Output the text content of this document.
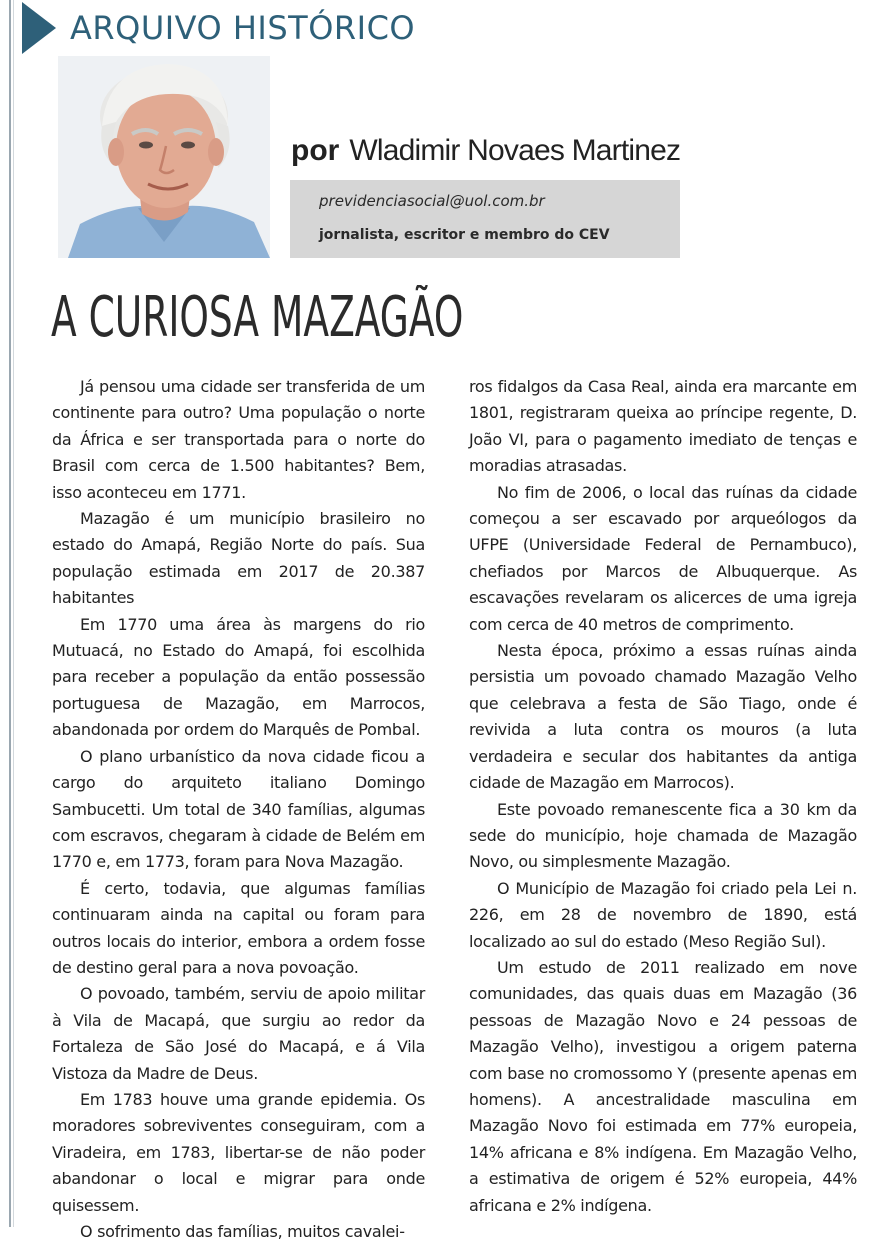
ARQUIVO HISTÓRICO
por Wladimir Novaes Martinez
previdenciasocial@uol.com.br
jornalista, escritor e membro do CEV
A CURIOSA MAZAGÃO

Já pensou uma cidade ser transferida de um continente para outro? Uma população o norte da África e ser transportada para o norte do Brasil com cerca de 1.500 habitantes? Bem, isso aconteceu em 1771.

Mazagão é um município brasileiro no estado do Amapá, Região Norte do país. Sua população estimada em 2017 de 20.387 habitantes

Em 1770 uma área às margens do rio Mutuacá, no Estado do Amapá, foi escolhida para receber a população da então possessão portuguesa de Mazagão, em Marrocos, abandonada por ordem do Marquês de Pombal.

O plano urbanístico da nova cidade ficou a cargo do arquiteto italiano Domingo Sambucetti. Um total de 340 famílias, algumas com escravos, chegaram à cidade de Belém em 1770 e, em 1773, foram para Nova Mazagão.

É certo, todavia, que algumas famílias continuaram ainda na capital ou foram para outros locais do interior, embora a ordem fosse de destino geral para a nova povoação.

O povoado, também, serviu de apoio militar à Vila de Macapá, que surgiu ao redor da Fortaleza de São José do Macapá, e á Vila Vistoza da Madre de Deus.

Em 1783 houve uma grande epidemia. Os moradores sobreviventes conseguiram, com a Viradeira, em 1783, libertar-se de não poder abandonar o local e migrar para onde quisessem.

O sofrimento das famílias, muitos cavalei-

ros fidalgos da Casa Real, ainda era marcante em 1801, registraram queixa ao príncipe regente, D. João VI, para o pagamento imediato de tenças e moradias atrasadas.

No fim de 2006, o local das ruínas da cidade começou a ser escavado por arqueólogos da UFPE (Universidade Federal de Pernambuco), chefiados por Marcos de Albuquerque. As escavações revelaram os alicerces de uma igreja com cerca de 40 metros de comprimento.

Nesta época, próximo a essas ruínas ainda persistia um povoado chamado Mazagão Velho que celebrava a festa de São Tiago, onde é revivida a luta contra os mouros (a luta verdadeira e secular dos habitantes da antiga cidade de Mazagão em Marrocos).

Este povoado remanescente fica a 30 km da sede do município, hoje chamada de Mazagão Novo, ou simplesmente Mazagão.

O Município de Mazagão foi criado pela Lei n. 226, em 28 de novembro de 1890, está localizado ao sul do estado (Meso Região Sul).

Um estudo de 2011 realizado em nove comunidades, das quais duas em Mazagão (36 pessoas de Mazagão Novo e 24 pessoas de Mazagão Velho), investigou a origem paterna com base no cromossomo Y (presente apenas em homens). A ancestralidade masculina em Mazagão Novo foi estimada em 77% europeia, 14% africana e 8% indígena. Em Mazagão Velho, a estimativa de origem é 52% europeia, 44% africana e 2% indígena.
